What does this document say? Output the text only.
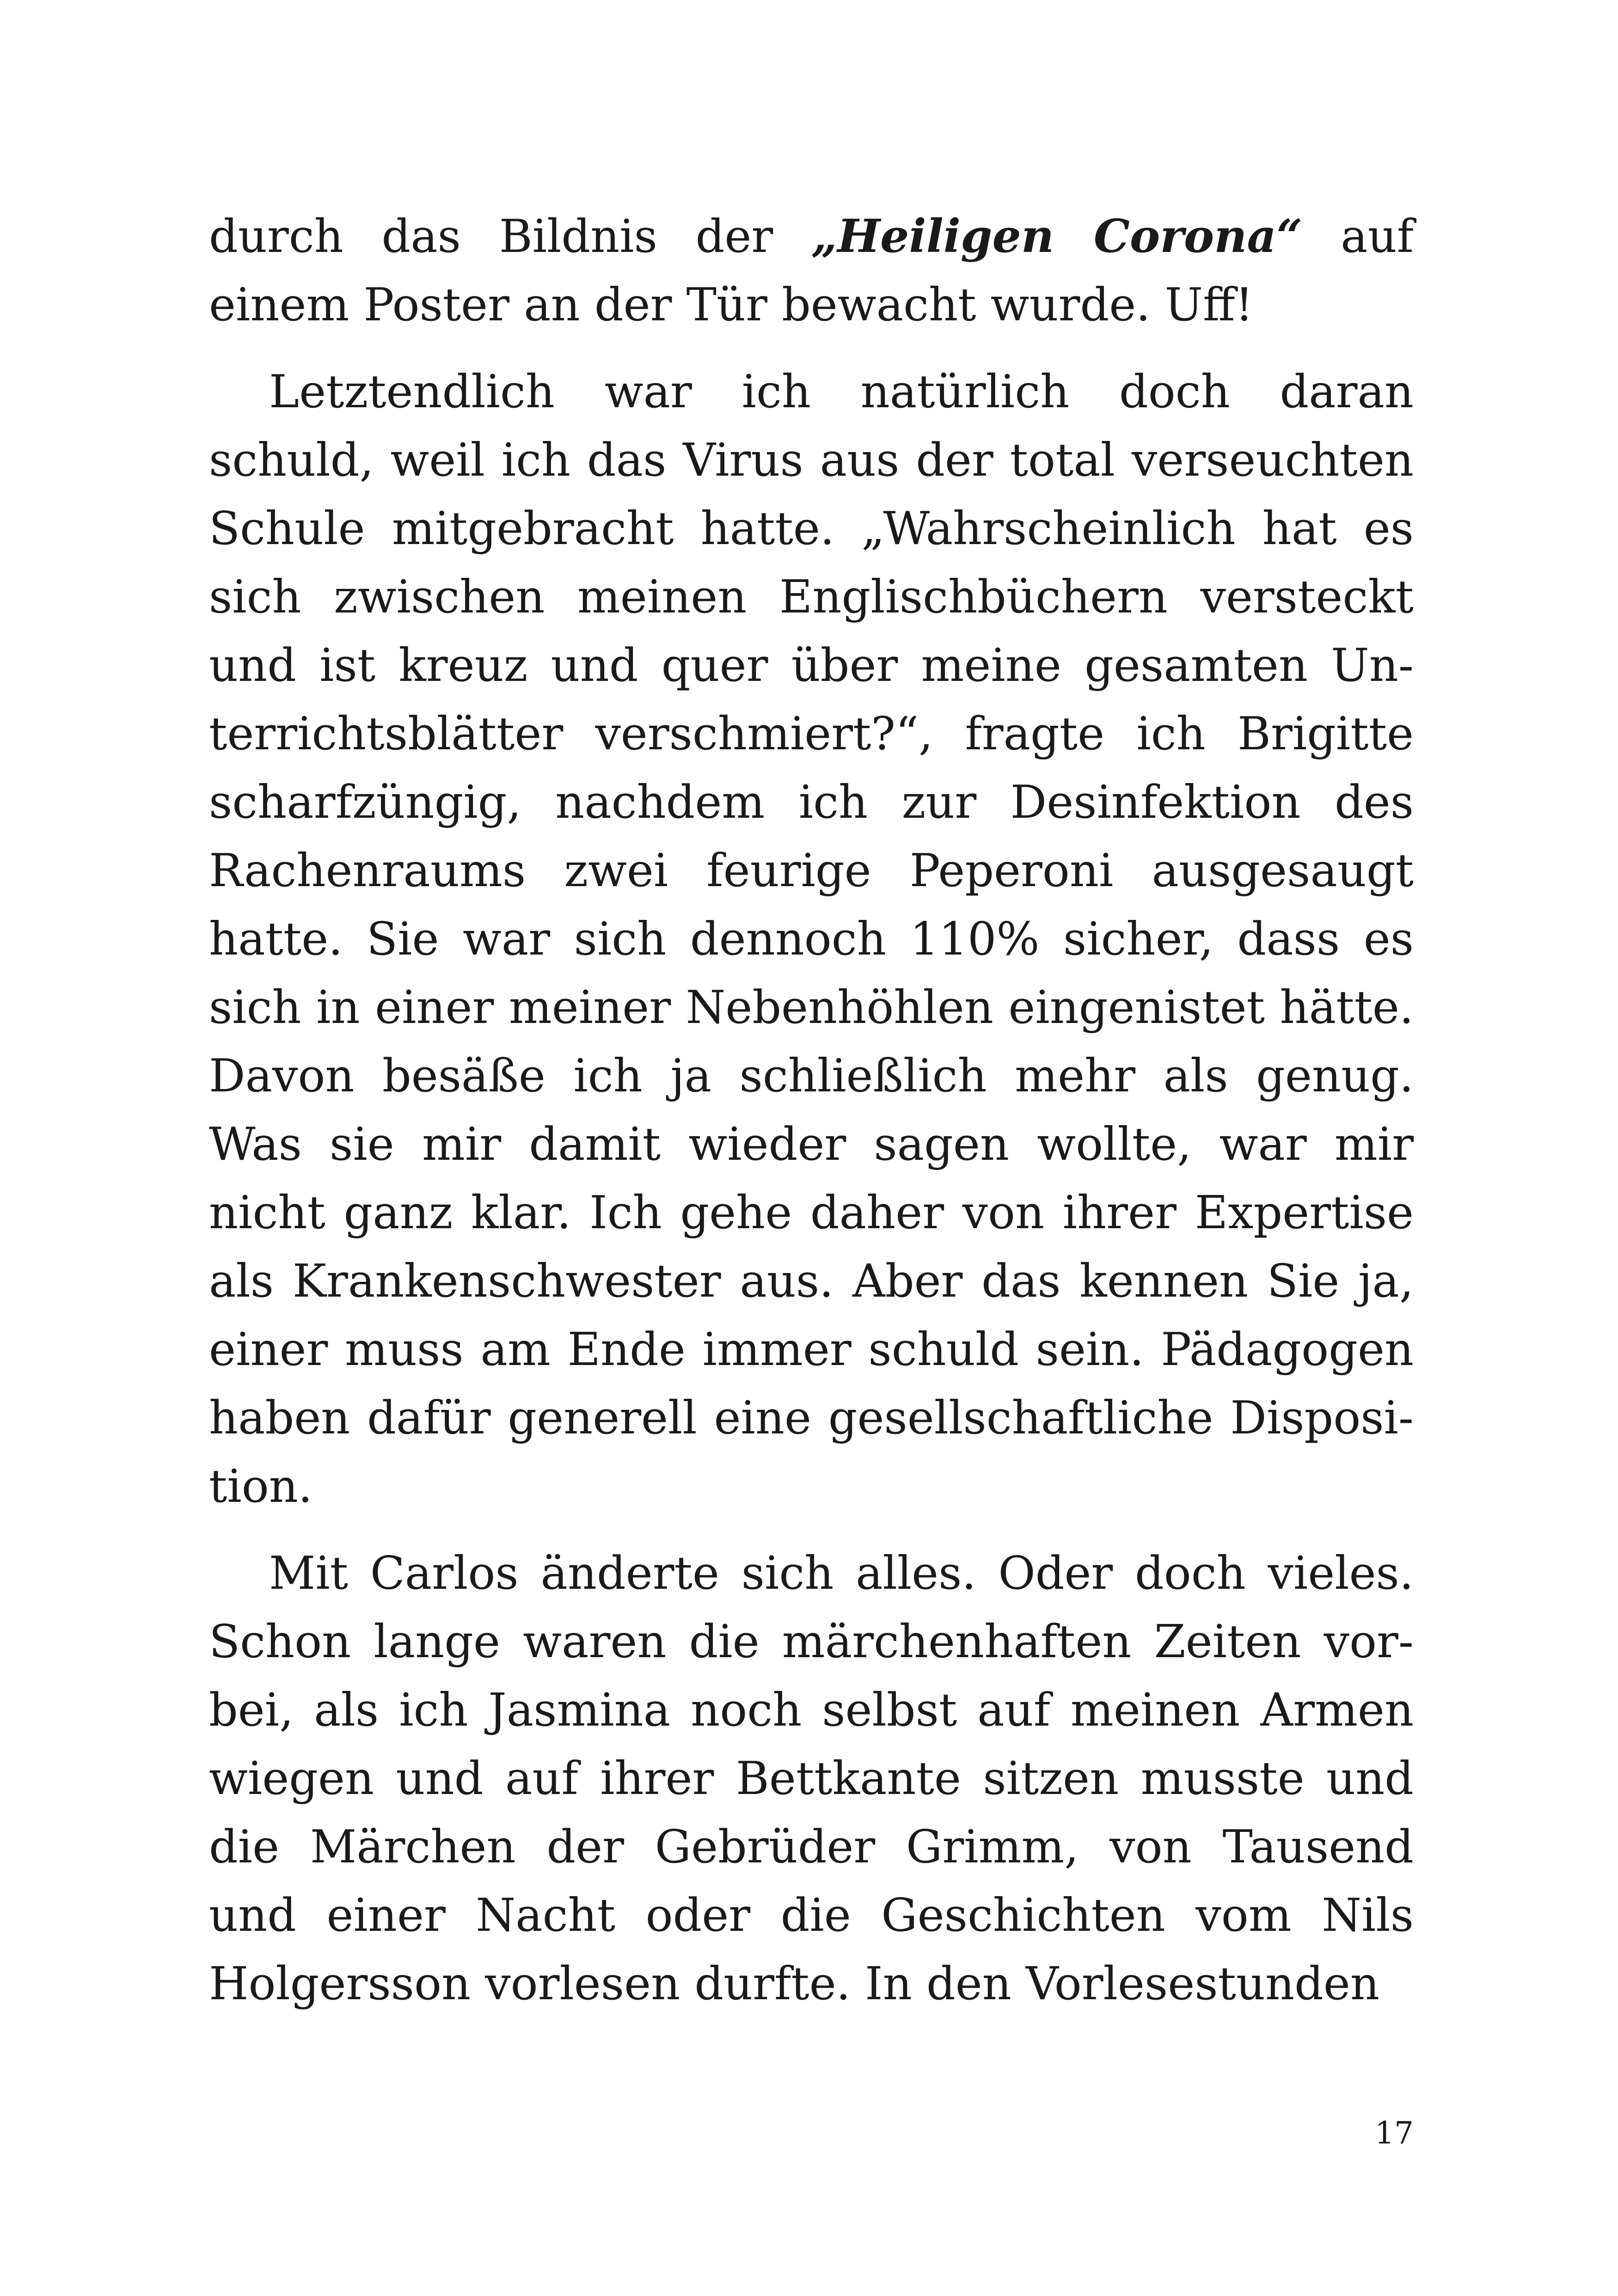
durch das Bildnis der „Heiligen Corona“ auf einem Poster an der Tür bewacht wurde. Uff!

Letztendlich war ich natürlich doch daran schuld, weil ich das Virus aus der total verseuchten Schule mitgebracht hatte. „Wahrscheinlich hat es sich zwischen meinen Englischbüchern versteckt und ist kreuz und quer über meine gesamten Unterrichtsblätter verschmiert?“, fragte ich Brigitte scharfzüngig, nachdem ich zur Desinfektion des Rachenraums zwei feurige Peperoni ausgesaugt hatte. Sie war sich dennoch 110% sicher, dass es sich in einer meiner Nebenhöhlen eingenistet hätte. Davon besäße ich ja schließlich mehr als genug. Was sie mir damit wieder sagen wollte, war mir nicht ganz klar. Ich gehe daher von ihrer Expertise als Krankenschwester aus. Aber das kennen Sie ja, einer muss am Ende immer schuld sein. Pädagogen haben dafür generell eine gesellschaftliche Disposition.

Mit Carlos änderte sich alles. Oder doch vieles. Schon lange waren die märchenhaften Zeiten vorbei, als ich Jasmina noch selbst auf meinen Armen wiegen und auf ihrer Bettkante sitzen musste und die Märchen der Gebrüder Grimm, von Tausend und einer Nacht oder die Geschichten vom Nils Holgersson vorlesen durfte. In den Vorlesestunden

17
